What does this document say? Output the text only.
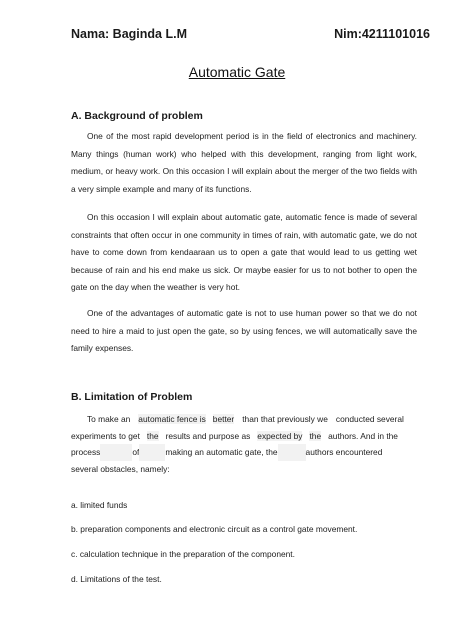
Nama: Baginda L.M	Nim:4211101016
Automatic Gate
A. Background of problem

One of the most rapid development period is in the field of electronics and machinery. Many things (human work) who helped with this development, ranging from light work, medium, or heavy work. On this occasion I will explain about the merger of the two fields with a very simple example and many of its functions.

On this occasion I will explain about automatic gate, automatic fence is made of several constraints that often occur in one community in times of rain, with automatic gate, we do not have to come down from kendaaraan us to open a gate that would lead to us getting wet because of rain and his end make us sick. Or maybe easier for us to not bother to open the gate on the day when the weather is very hot.

One of the advantages of automatic gate is not to use human power so that we do not need to hire a maid to just open the gate, so by using fences, we will automatically save the family expenses.

B. Limitation of Problem
To make an automatic fence is better than that previously we conducted several
experiments to get the results and purpose as expected by the authors. And in the
process	of	making an automatic gate, the	authors encountered
several obstacles, namely:
a. limited funds
b. preparation components and electronic circuit as a control gate movement.
c. calculation technique in the preparation of the component.
d. Limitations of the test.
